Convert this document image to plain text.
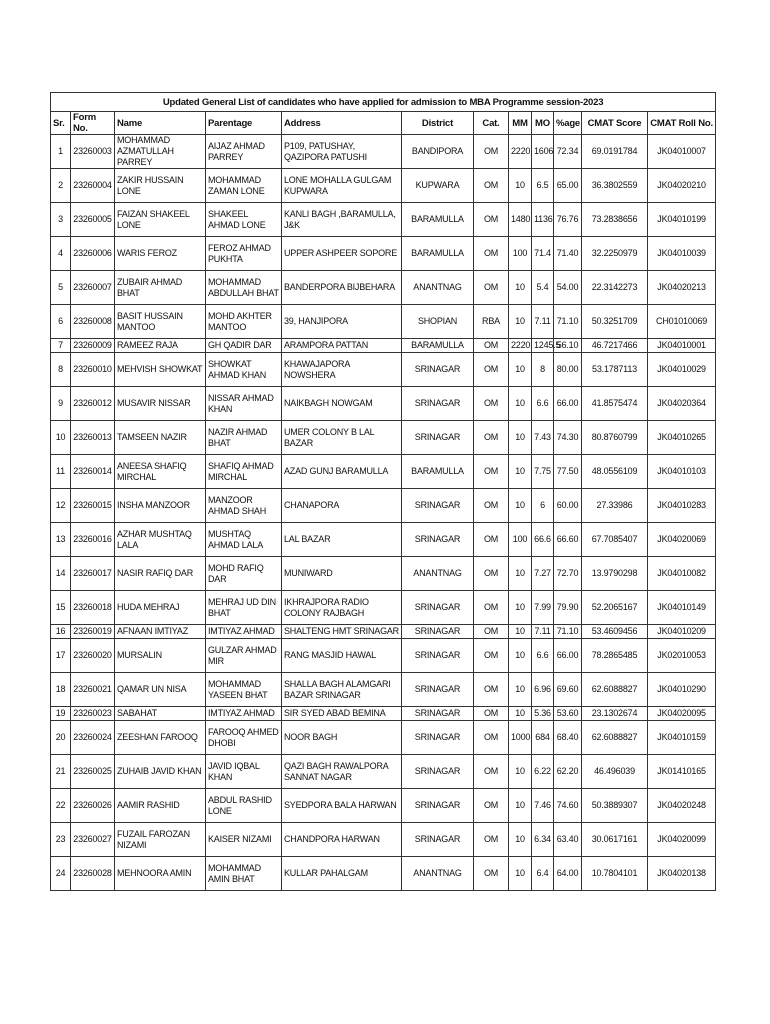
Updated General List of candidates who have applied for admission to MBA Programme session-2023											
Sr.	Form No.	Name	Parentage	Address	District	Cat.	MM	MO	%age	CMAT Score	CMAT Roll No.
1	23260003	MOHAMMAD AZMATULLAH PARREY	AIJAZ AHMAD PARREY	P109, PATUSHAY, QAZIPORA PATUSHI	BANDIPORA	OM	2220	1606	72.34	69.0191784	JK04010007
2	23260004	ZAKIR HUSSAIN LONE	MOHAMMAD ZAMAN LONE	LONE MOHALLA GULGAM KUPWARA	KUPWARA	OM	10	6.5	65.00	36.3802559	JK04020210
3	23260005	FAIZAN SHAKEEL LONE	SHAKEEL AHMAD LONE	KANLI BAGH ,BARAMULLA, J&K	BARAMULLA	OM	1480	1136	76.76	73.2838656	JK04010199
4	23260006	WARIS FEROZ	FEROZ AHMAD PUKHTA	UPPER ASHPEER SOPORE	BARAMULLA	OM	100	71.4	71.40	32.2250979	JK04010039
5	23260007	ZUBAIR AHMAD BHAT	MOHAMMAD ABDULLAH BHAT	BANDERPORA BIJBEHARA	ANANTNAG	OM	10	5.4	54.00	22.3142273	JK04020213
6	23260008	BASIT HUSSAIN MANTOO	MOHD AKHTER MANTOO	39, HANJIPORA	SHOPIAN	RBA	10	7.11	71.10	50.3251709	CH01010069
7	23260009	RAMEEZ RAJA	GH QADIR DAR	ARAMPORA PATTAN	BARAMULLA	OM	2220	1245.5	56.10	46.7217466	JK04010001
8	23260010	MEHVISH SHOWKAT	SHOWKAT AHMAD KHAN	KHAWAJAPORA NOWSHERA	SRINAGAR	OM	10	8	80.00	53.1787113	JK04010029
9	23260012	MUSAVIR NISSAR	NISSAR AHMAD KHAN	NAIKBAGH NOWGAM	SRINAGAR	OM	10	6.6	66.00	41.8575474	JK04020364
10	23260013	TAMSEEN NAZIR	NAZIR AHMAD BHAT	UMER COLONY B LAL BAZAR	SRINAGAR	OM	10	7.43	74.30	80.8760799	JK04010265
11	23260014	ANEESA SHAFIQ MIRCHAL	SHAFIQ AHMAD MIRCHAL	AZAD GUNJ BARAMULLA	BARAMULLA	OM	10	7.75	77.50	48.0556109	JK04010103
12	23260015	INSHA MANZOOR	MANZOOR AHMAD SHAH	CHANAPORA	SRINAGAR	OM	10	6	60.00	27.33986	JK04010283
13	23260016	AZHAR MUSHTAQ LALA	MUSHTAQ AHMAD LALA	LAL BAZAR	SRINAGAR	OM	100	66.6	66.60	67.7085407	JK04020069
14	23260017	NASIR RAFIQ DAR	MOHD RAFIQ DAR	MUNIWARD	ANANTNAG	OM	10	7.27	72.70	13.9790298	JK04010082
15	23260018	HUDA MEHRAJ	MEHRAJ UD DIN BHAT	IKHRAJPORA RADIO COLONY RAJBAGH	SRINAGAR	OM	10	7.99	79.90	52.2065167	JK04010149
16	23260019	AFNAAN IMTIYAZ	IMTIYAZ AHMAD	SHALTENG HMT SRINAGAR	SRINAGAR	OM	10	7.11	71.10	53.4609456	JK04010209
17	23260020	MURSALIN	GULZAR AHMAD MIR	RANG MASJID HAWAL	SRINAGAR	OM	10	6.6	66.00	78.2865485	JK02010053
18	23260021	QAMAR UN NISA	MOHAMMAD YASEEN BHAT	SHALLA BAGH ALAMGARI BAZAR SRINAGAR	SRINAGAR	OM	10	6.96	69.60	62.6088827	JK04010290
19	23260023	SABAHAT	IMTIYAZ AHMAD	SIR SYED ABAD BEMINA	SRINAGAR	OM	10	5.36	53.60	23.1302674	JK04020095
20	23260024	ZEESHAN FAROOQ	FAROOQ AHMED DHOBI	NOOR BAGH	SRINAGAR	OM	1000	684	68.40	62.6088827	JK04010159
21	23260025	ZUHAIB JAVID KHAN	JAVID IQBAL KHAN	QAZI BAGH RAWALPORA SANNAT NAGAR	SRINAGAR	OM	10	6.22	62.20	46.496039	JK01410165
22	23260026	AAMIR RASHID	ABDUL RASHID LONE	SYEDPORA BALA HARWAN	SRINAGAR	OM	10	7.46	74.60	50.3889307	JK04020248
23	23260027	FUZAIL FAROZAN NIZAMI	KAISER NIZAMI	CHANDPORA HARWAN	SRINAGAR	OM	10	6.34	63.40	30.0617161	JK04020099
24	23260028	MEHNOORA AMIN	MOHAMMAD AMIN BHAT	KULLAR PAHALGAM	ANANTNAG	OM	10	6.4	64.00	10.7804101	JK04020138
